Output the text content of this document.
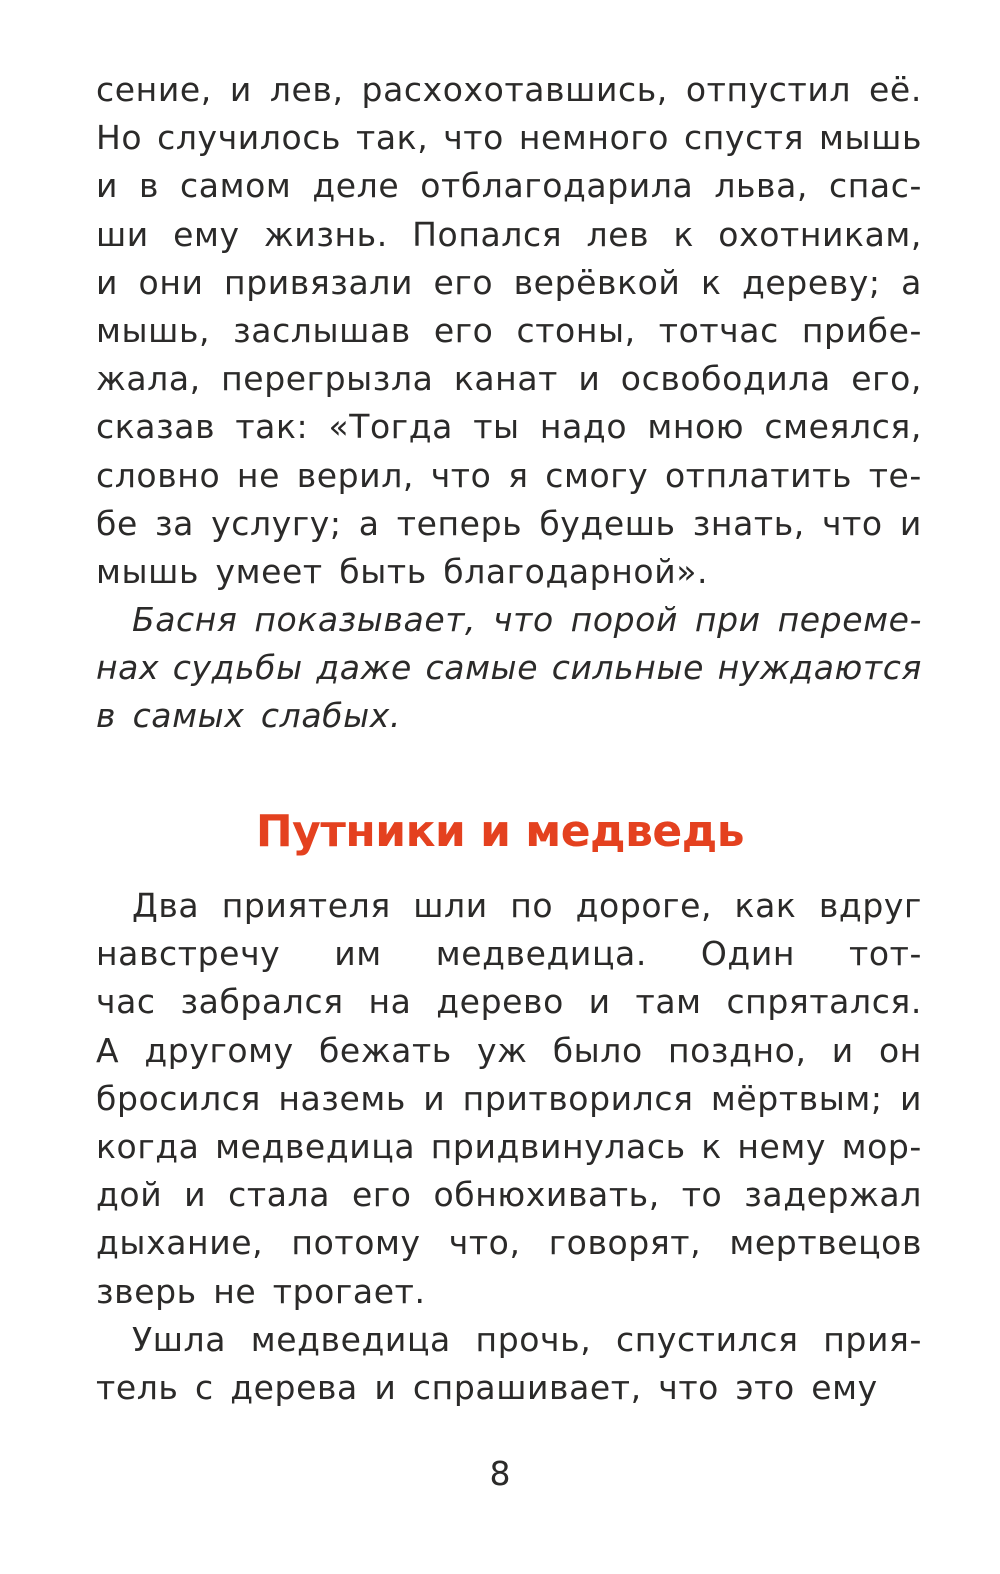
сение, и лев, расхохотавшись, отпустил её.
Но случилось так, что немного спустя мышь
и в самом деле отблагодарила льва, спас-
ши ему жизнь. Попался лев к охотникам,
и они привязали его верёвкой к дереву; а
мышь, заслышав его стоны, тотчас прибе-
жала, перегрызла канат и освободила его,
сказав так: «Тогда ты надо мною смеялся,
словно не верил, что я смогу отплатить те-
бе за услугу; а теперь будешь знать, что и
мышь умеет быть благодарной».
Басня показывает, что порой при переме-
нах судьбы даже самые сильные нуждаются
в самых слабых.
Путники и медведь
Два приятеля шли по дороге, как вдруг
навстречу им медведица. Один тот-
час забрался на дерево и там спрятался.
А другому бежать уж было поздно, и он
бросился наземь и притворился мёртвым; и
когда медведица придвинулась к нему мор-
дой и стала его обнюхивать, то задержал
дыхание, потому что, говорят, мертвецов
зверь не трогает.
Ушла медведица прочь, спустился прия-
тель с дерева и спрашивает, что это ему
8
